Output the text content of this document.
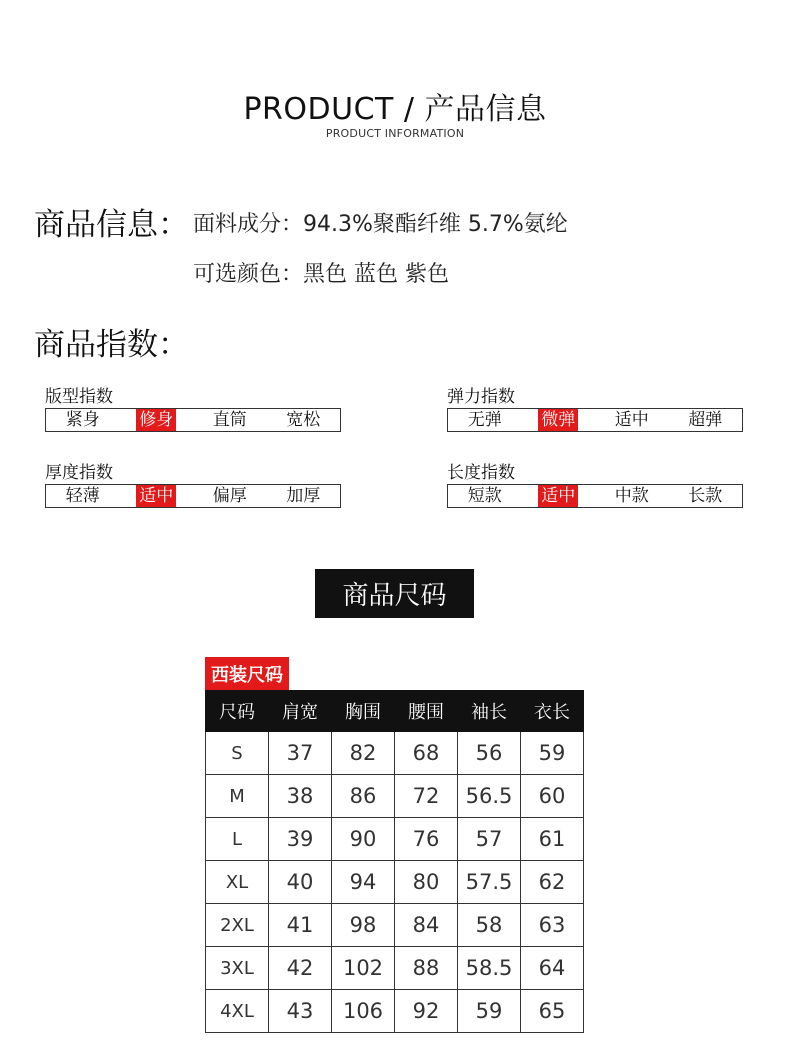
PRODUCT / 产品信息
PRODUCT INFORMATION
商品信息： 面料成分：94.3%聚酯纤维 5.7%氨纶
可选颜色：黑色 蓝色 紫色
商品指数：
版型指数
紧身	修身	直筒	宽松
弹力指数
无弹	微弹	适中	超弹
厚度指数
轻薄	适中	偏厚	加厚
长度指数
短款	适中	中款	长款
商品尺码
西装尺码
尺码	肩宽	胸围	腰围	袖长	衣长
S	37	82	68	56	59
M	38	86	72	56.5	60
L	39	90	76	57	61
XL	40	94	80	57.5	62
2XL	41	98	84	58	63
3XL	42	102	88	58.5	64
4XL	43	106	92	59	65
